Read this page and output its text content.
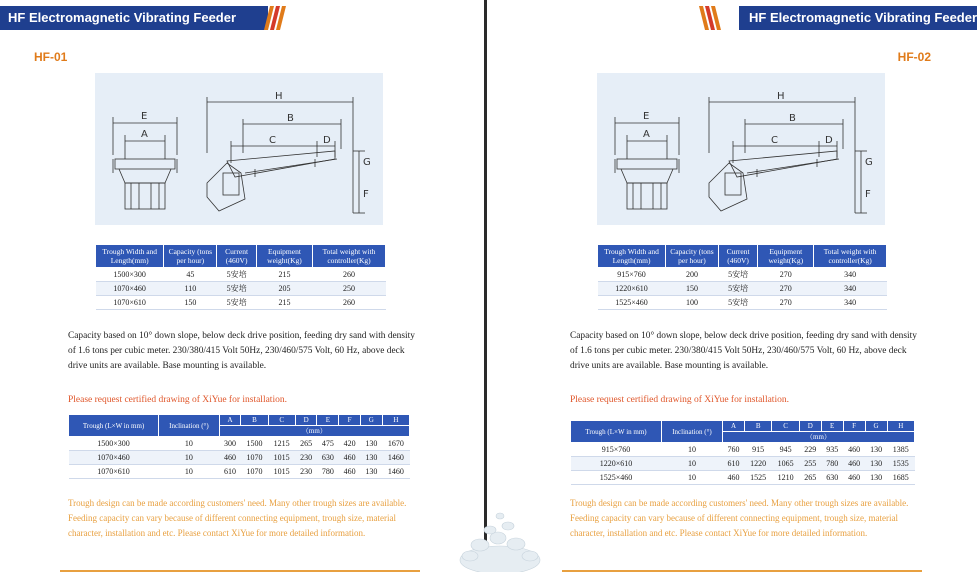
HF Electromagnetic Vibrating Feeder
HF-01
E
A
H
B
C	D
G
F
Trough Width and Length(mm)	Capacity (tons per hour)	Current (460V)	Equipment weight(Kg)	Total weight with controller(Kg)
1500×300	45	5安培	215	260
1070×460	110	5安培	205	250
1070×610	150	5安培	215	260
Capacity based on 10° down slope, below deck drive position, feeding dry sand with density of 1.6 tons per cubic meter. 230/380/415 Volt 50Hz, 230/460/575 Volt, 60 Hz, above deck drive units are available. Base mounting is available.
Please request certified drawing of XiYue for installation.
Trough (L×W in mm)	Inclination (°)	A	B	C	D	E	F	G	H
		（mm）							
1500×300	10	300	1500	1215	265	475	420	130	1670
1070×460	10	460	1070	1015	230	630	460	130	1460
1070×610	10	610	1070	1015	230	780	460	130	1460
Trough design can be made according customers' need. Many other trough sizes are available. Feeding capacity can vary because of different connecting equipment, trough size, material character, installation and etc. Please contact XiYue for more detailed information.
HF Electromagnetic Vibrating Feeder
HF-02
E
A
H
B
C	D
G
F
Trough Width and Length(mm)	Capacity (tons per hour)	Current (460V)	Equipment weight(Kg)	Total weight with controller(Kg)
915×760	200	5安培	270	340
1220×610	150	5安培	270	340
1525×460	100	5安培	270	340
Capacity based on 10° down slope, below deck drive position, feeding dry sand with density of 1.6 tons per cubic meter. 230/380/415 Volt 50Hz, 230/460/575 Volt, 60 Hz, above deck drive units are available. Base mounting is available.
Please request certified drawing of XiYue for installation.
Trough (L×W in mm)	Inclination (°)	A	B	C	D	E	F	G	H
		（mm）							
915×760	10	760	915	945	229	935	460	130	1385
1220×610	10	610	1220	1065	255	780	460	130	1535
1525×460	10	460	1525	1210	265	630	460	130	1685
Trough design can be made according customers' need. Many other trough sizes are available. Feeding capacity can vary because of different connecting equipment, trough size, material character, installation and etc. Please contact XiYue for more detailed information.
